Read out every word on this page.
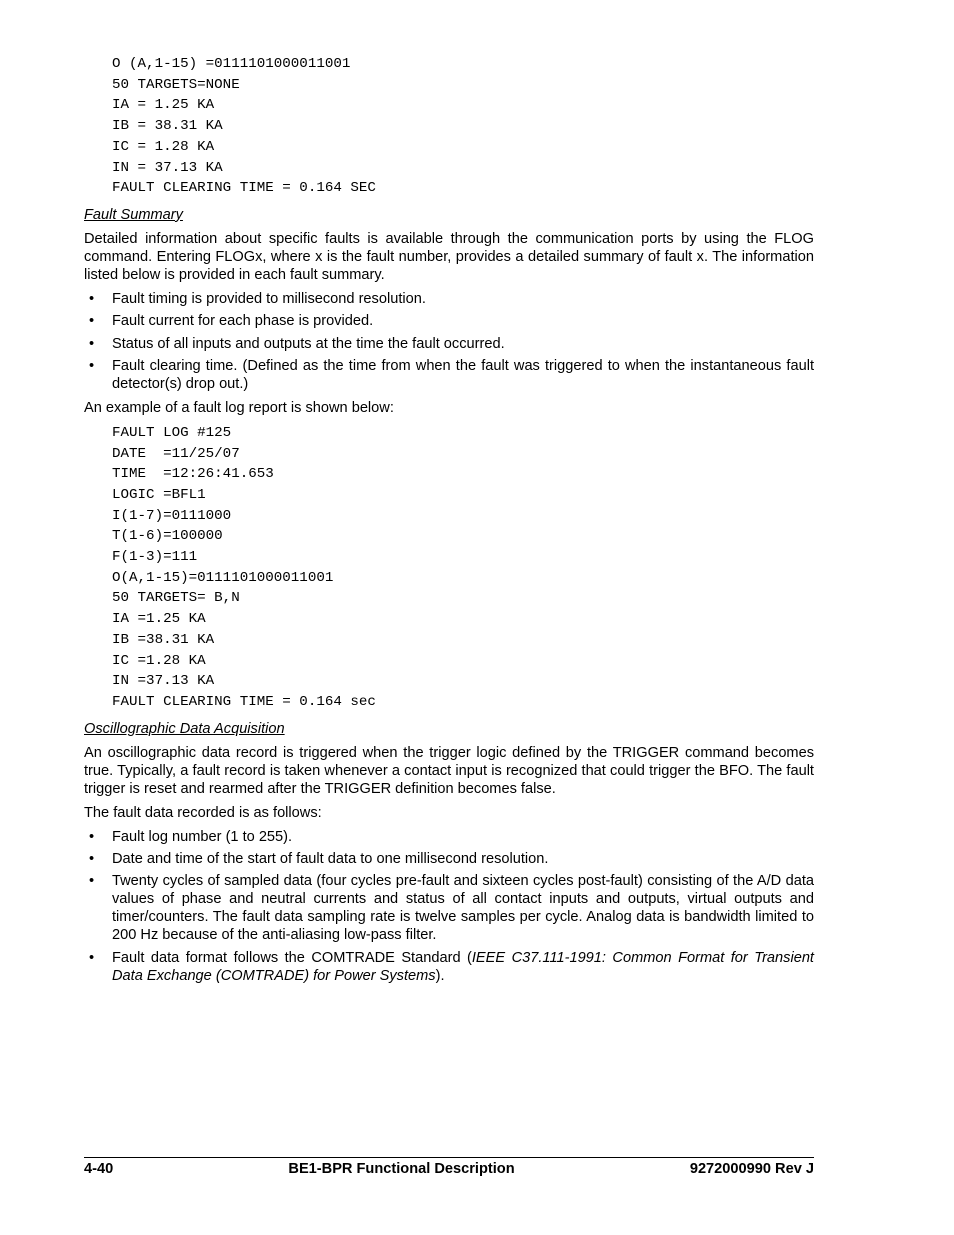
O (A,1-15) =0111101000011001
50 TARGETS=NONE
IA = 1.25 KA
IB = 38.31 KA
IC = 1.28 KA
IN = 37.13 KA
FAULT CLEARING TIME = 0.164 SEC
Fault Summary

Detailed information about specific faults is available through the communication ports by using the FLOG command. Entering FLOGx, where x is the fault number, provides a detailed summary of fault x. The information listed below is provided in each fault summary.

• Fault timing is provided to millisecond resolution.
• Fault current for each phase is provided.
• Status of all inputs and outputs at the time the fault occurred.
• Fault clearing time. (Defined as the time from when the fault was triggered to when the instantaneous fault detector(s) drop out.)

An example of a fault log report is shown below:

FAULT LOG #125
DATE  =11/25/07
TIME  =12:26:41.653
LOGIC =BFL1
I(1-7)=0111000
T(1-6)=100000
F(1-3)=111
O(A,1-15)=0111101000011001
50 TARGETS= B,N
IA =1.25 KA
IB =38.31 KA
IC =1.28 KA
IN =37.13 KA
FAULT CLEARING TIME = 0.164 sec
Oscillographic Data Acquisition

An oscillographic data record is triggered when the trigger logic defined by the TRIGGER command becomes true. Typically, a fault record is taken whenever a contact input is recognized that could trigger the BFO. The fault trigger is reset and rearmed after the TRIGGER definition becomes false.

The fault data recorded is as follows:

• Fault log number (1 to 255).
• Date and time of the start of fault data to one millisecond resolution.
• Twenty cycles of sampled data (four cycles pre-fault and sixteen cycles post-fault) consisting of the A/D data values of phase and neutral currents and status of all contact inputs and outputs, virtual outputs and timer/counters. The fault data sampling rate is twelve samples per cycle. Analog data is bandwidth limited to 200 Hz because of the anti-aliasing low-pass filter.
• Fault data format follows the COMTRADE Standard (IEEE C37.111-1991: Common Format for Transient Data Exchange (COMTRADE) for Power Systems).
4-40	BE1-BPR Functional Description	9272000990 Rev J
